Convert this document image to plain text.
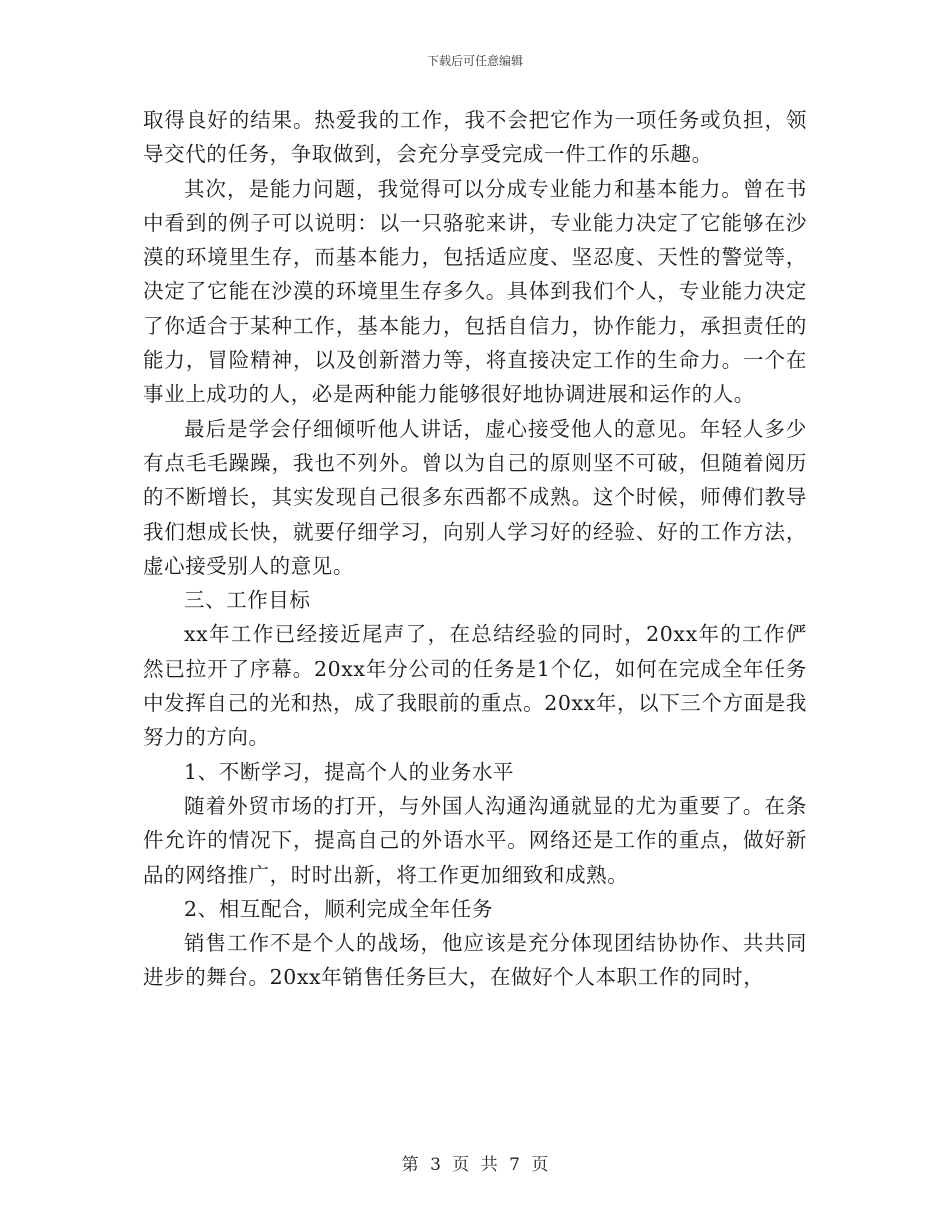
下载后可任意编辑

取得良好的结果。热爱我的工作，我不会把它作为一项任务或负担，领导交代的任务，争取做到，会充分享受完成一件工作的乐趣。

其次，是能力问题，我觉得可以分成专业能力和基本能力。曾在书中看到的例子可以说明：以一只骆驼来讲，专业能力决定了它能够在沙漠的环境里生存，而基本能力，包括适应度、坚忍度、天性的警觉等，决定了它能在沙漠的环境里生存多久。具体到我们个人，专业能力决定了你适合于某种工作，基本能力，包括自信力，协作能力，承担责任的能力，冒险精神，以及创新潜力等，将直接决定工作的生命力。一个在事业上成功的人，必是两种能力能够很好地协调进展和运作的人。

最后是学会仔细倾听他人讲话，虚心接受他人的意见。年轻人多少有点毛毛躁躁，我也不列外。曾以为自己的原则坚不可破，但随着阅历的不断增长，其实发现自己很多东西都不成熟。这个时候，师傅们教导我们想成长快，就要仔细学习，向别人学习好的经验、好的工作方法，虚心接受别人的意见。

三、工作目标

xx年工作已经接近尾声了，在总结经验的同时，20xx年的工作俨然已拉开了序幕。20xx年分公司的任务是1个亿，如何在完成全年任务中发挥自己的光和热，成了我眼前的重点。20xx年，以下三个方面是我努力的方向。

1、不断学习，提高个人的业务水平

随着外贸市场的打开，与外国人沟通沟通就显的尤为重要了。在条件允许的情况下，提高自己的外语水平。网络还是工作的重点，做好新品的网络推广，时时出新，将工作更加细致和成熟。

2、相互配合，顺利完成全年任务

销售工作不是个人的战场，他应该是充分体现团结协协作、共共同进步的舞台。20xx年销售任务巨大，在做好个人本职工作的同时，

第 3 页 共 7 页
